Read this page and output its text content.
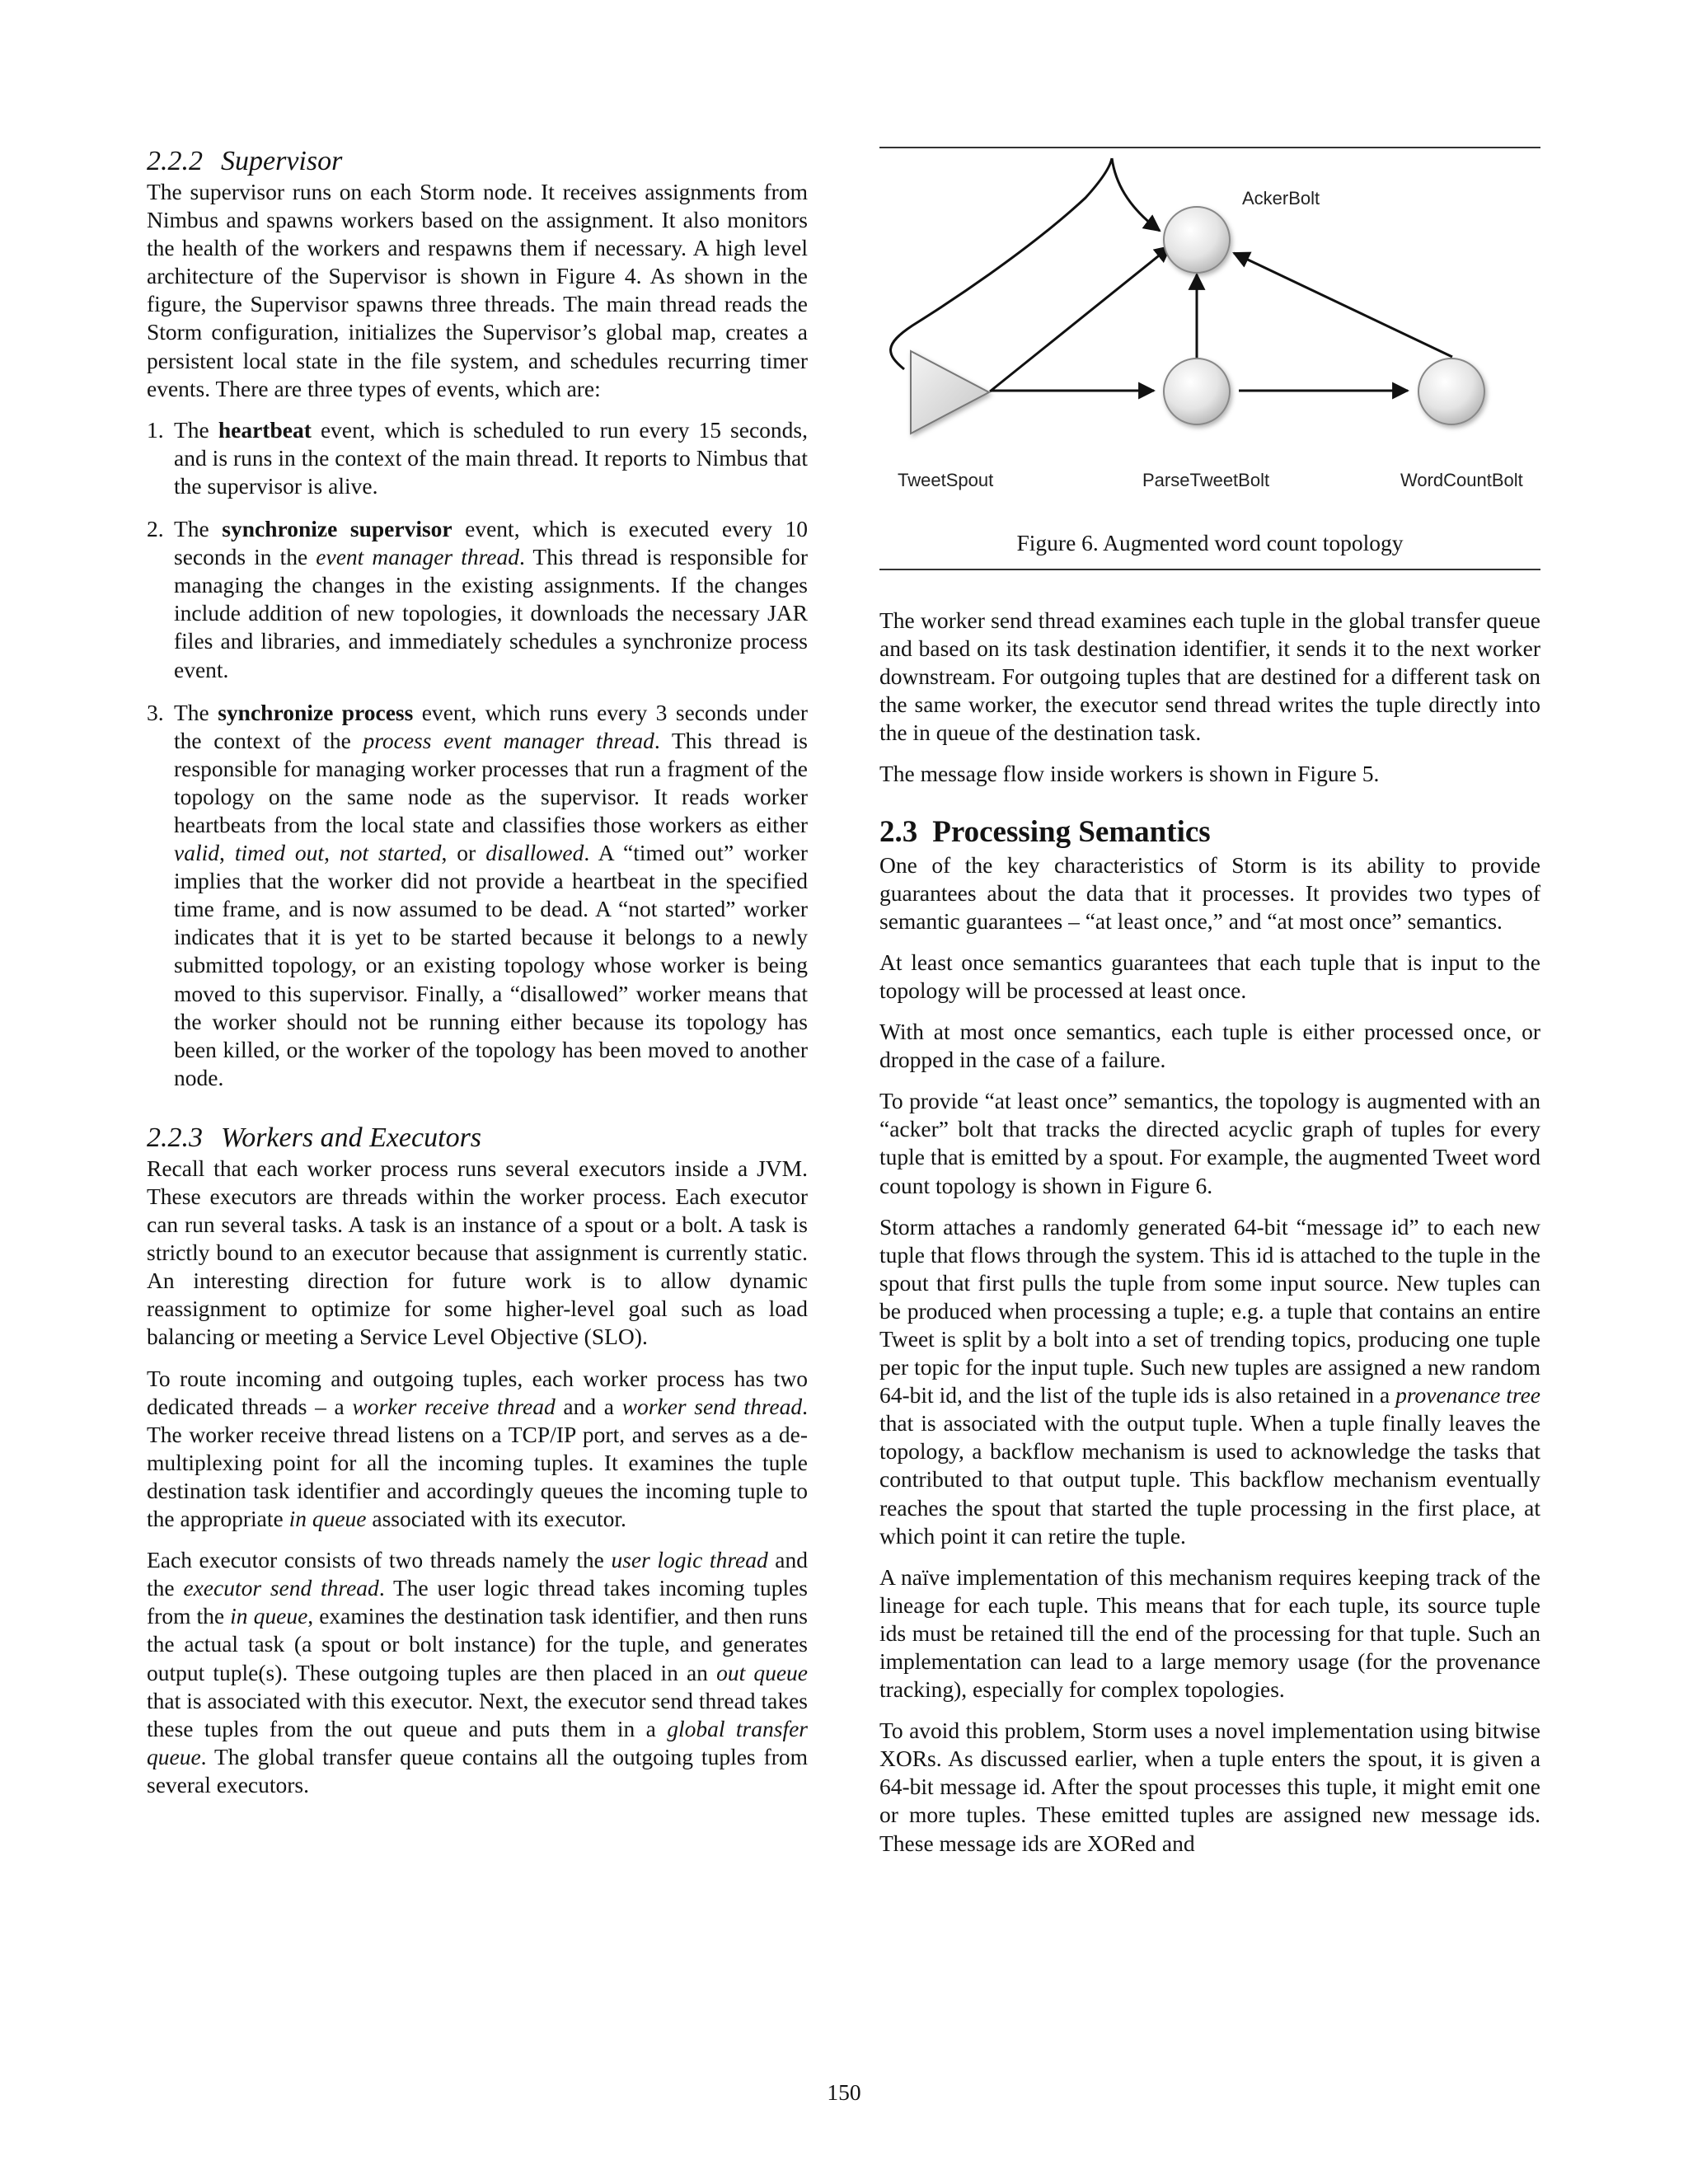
2.2.2 Supervisor

The supervisor runs on each Storm node. It receives assignments from Nimbus and spawns workers based on the assignment. It also monitors the health of the workers and respawns them if necessary. A high level architecture of the Supervisor is shown in Figure 4. As shown in the figure, the Supervisor spawns three threads. The main thread reads the Storm configuration, initializes the Supervisor’s global map, creates a persistent local state in the file system, and schedules recurring timer events. There are three types of events, which are:

1. The heartbeat event, which is scheduled to run every 15 seconds, and is runs in the context of the main thread. It reports to Nimbus that the supervisor is alive.
2. The synchronize supervisor event, which is executed every 10 seconds in the event manager thread. This thread is responsible for managing the changes in the existing assignments. If the changes include addition of new topologies, it downloads the necessary JAR files and libraries, and immediately schedules a synchronize process event.
3. The synchronize process event, which runs every 3 seconds under the context of the process event manager thread. This thread is responsible for managing worker processes that run a fragment of the topology on the same node as the supervisor. It reads worker heartbeats from the local state and classifies those workers as either valid, timed out, not started, or disallowed. A “timed out” worker implies that the worker did not provide a heartbeat in the specified time frame, and is now assumed to be dead. A “not started” worker indicates that it is yet to be started because it belongs to a newly submitted topology, or an existing topology whose worker is being moved to this supervisor. Finally, a “disallowed” worker means that the worker should not be running either because its topology has been killed, or the worker of the topology has been moved to another node.
2.2.3 Workers and Executors

Recall that each worker process runs several executors inside a JVM. These executors are threads within the worker process. Each executor can run several tasks. A task is an instance of a spout or a bolt. A task is strictly bound to an executor because that assignment is currently static. An interesting direction for future work is to allow dynamic reassignment to optimize for some higher-level goal such as load balancing or meeting a Service Level Objective (SLO).

To route incoming and outgoing tuples, each worker process has two dedicated threads – a worker receive thread and a worker send thread. The worker receive thread listens on a TCP/IP port, and serves as a de-multiplexing point for all the incoming tuples. It examines the tuple destination task identifier and accordingly queues the incoming tuple to the appropriate in queue associated with its executor.

Each executor consists of two threads namely the user logic thread and the executor send thread. The user logic thread takes incoming tuples from the in queue, examines the destination task identifier, and then runs the actual task (a spout or bolt instance) for the tuple, and generates output tuple(s). These outgoing tuples are then placed in an out queue that is associated with this executor. Next, the executor send thread takes these tuples from the out queue and puts them in a global transfer queue. The global transfer queue contains all the outgoing tuples from several executors.

AckerBolt
TweetSpout	ParseTweetBolt	WordCountBolt

Figure 6. Augmented word count topology

The worker send thread examines each tuple in the global transfer queue and based on its task destination identifier, it sends it to the next worker downstream. For outgoing tuples that are destined for a different task on the same worker, the executor send thread writes the tuple directly into the in queue of the destination task.

The message flow inside workers is shown in Figure 5.

2.3 Processing Semantics

One of the key characteristics of Storm is its ability to provide guarantees about the data that it processes. It provides two types of semantic guarantees – “at least once,” and “at most once” semantics.

At least once semantics guarantees that each tuple that is input to the topology will be processed at least once.

With at most once semantics, each tuple is either processed once, or dropped in the case of a failure.

To provide “at least once” semantics, the topology is augmented with an “acker” bolt that tracks the directed acyclic graph of tuples for every tuple that is emitted by a spout. For example, the augmented Tweet word count topology is shown in Figure 6.

Storm attaches a randomly generated 64-bit “message id” to each new tuple that flows through the system. This id is attached to the tuple in the spout that first pulls the tuple from some input source. New tuples can be produced when processing a tuple; e.g. a tuple that contains an entire Tweet is split by a bolt into a set of trending topics, producing one tuple per topic for the input tuple. Such new tuples are assigned a new random 64-bit id, and the list of the tuple ids is also retained in a provenance tree that is associated with the output tuple. When a tuple finally leaves the topology, a backflow mechanism is used to acknowledge the tasks that contributed to that output tuple. This backflow mechanism eventually reaches the spout that started the tuple processing in the first place, at which point it can retire the tuple.

A naïve implementation of this mechanism requires keeping track of the lineage for each tuple. This means that for each tuple, its source tuple ids must be retained till the end of the processing for that tuple. Such an implementation can lead to a large memory usage (for the provenance tracking), especially for complex topologies.

To avoid this problem, Storm uses a novel implementation using bitwise XORs. As discussed earlier, when a tuple enters the spout, it is given a 64-bit message id. After the spout processes this tuple, it might emit one or more tuples. These emitted tuples are assigned new message ids. These message ids are XORed and

150
